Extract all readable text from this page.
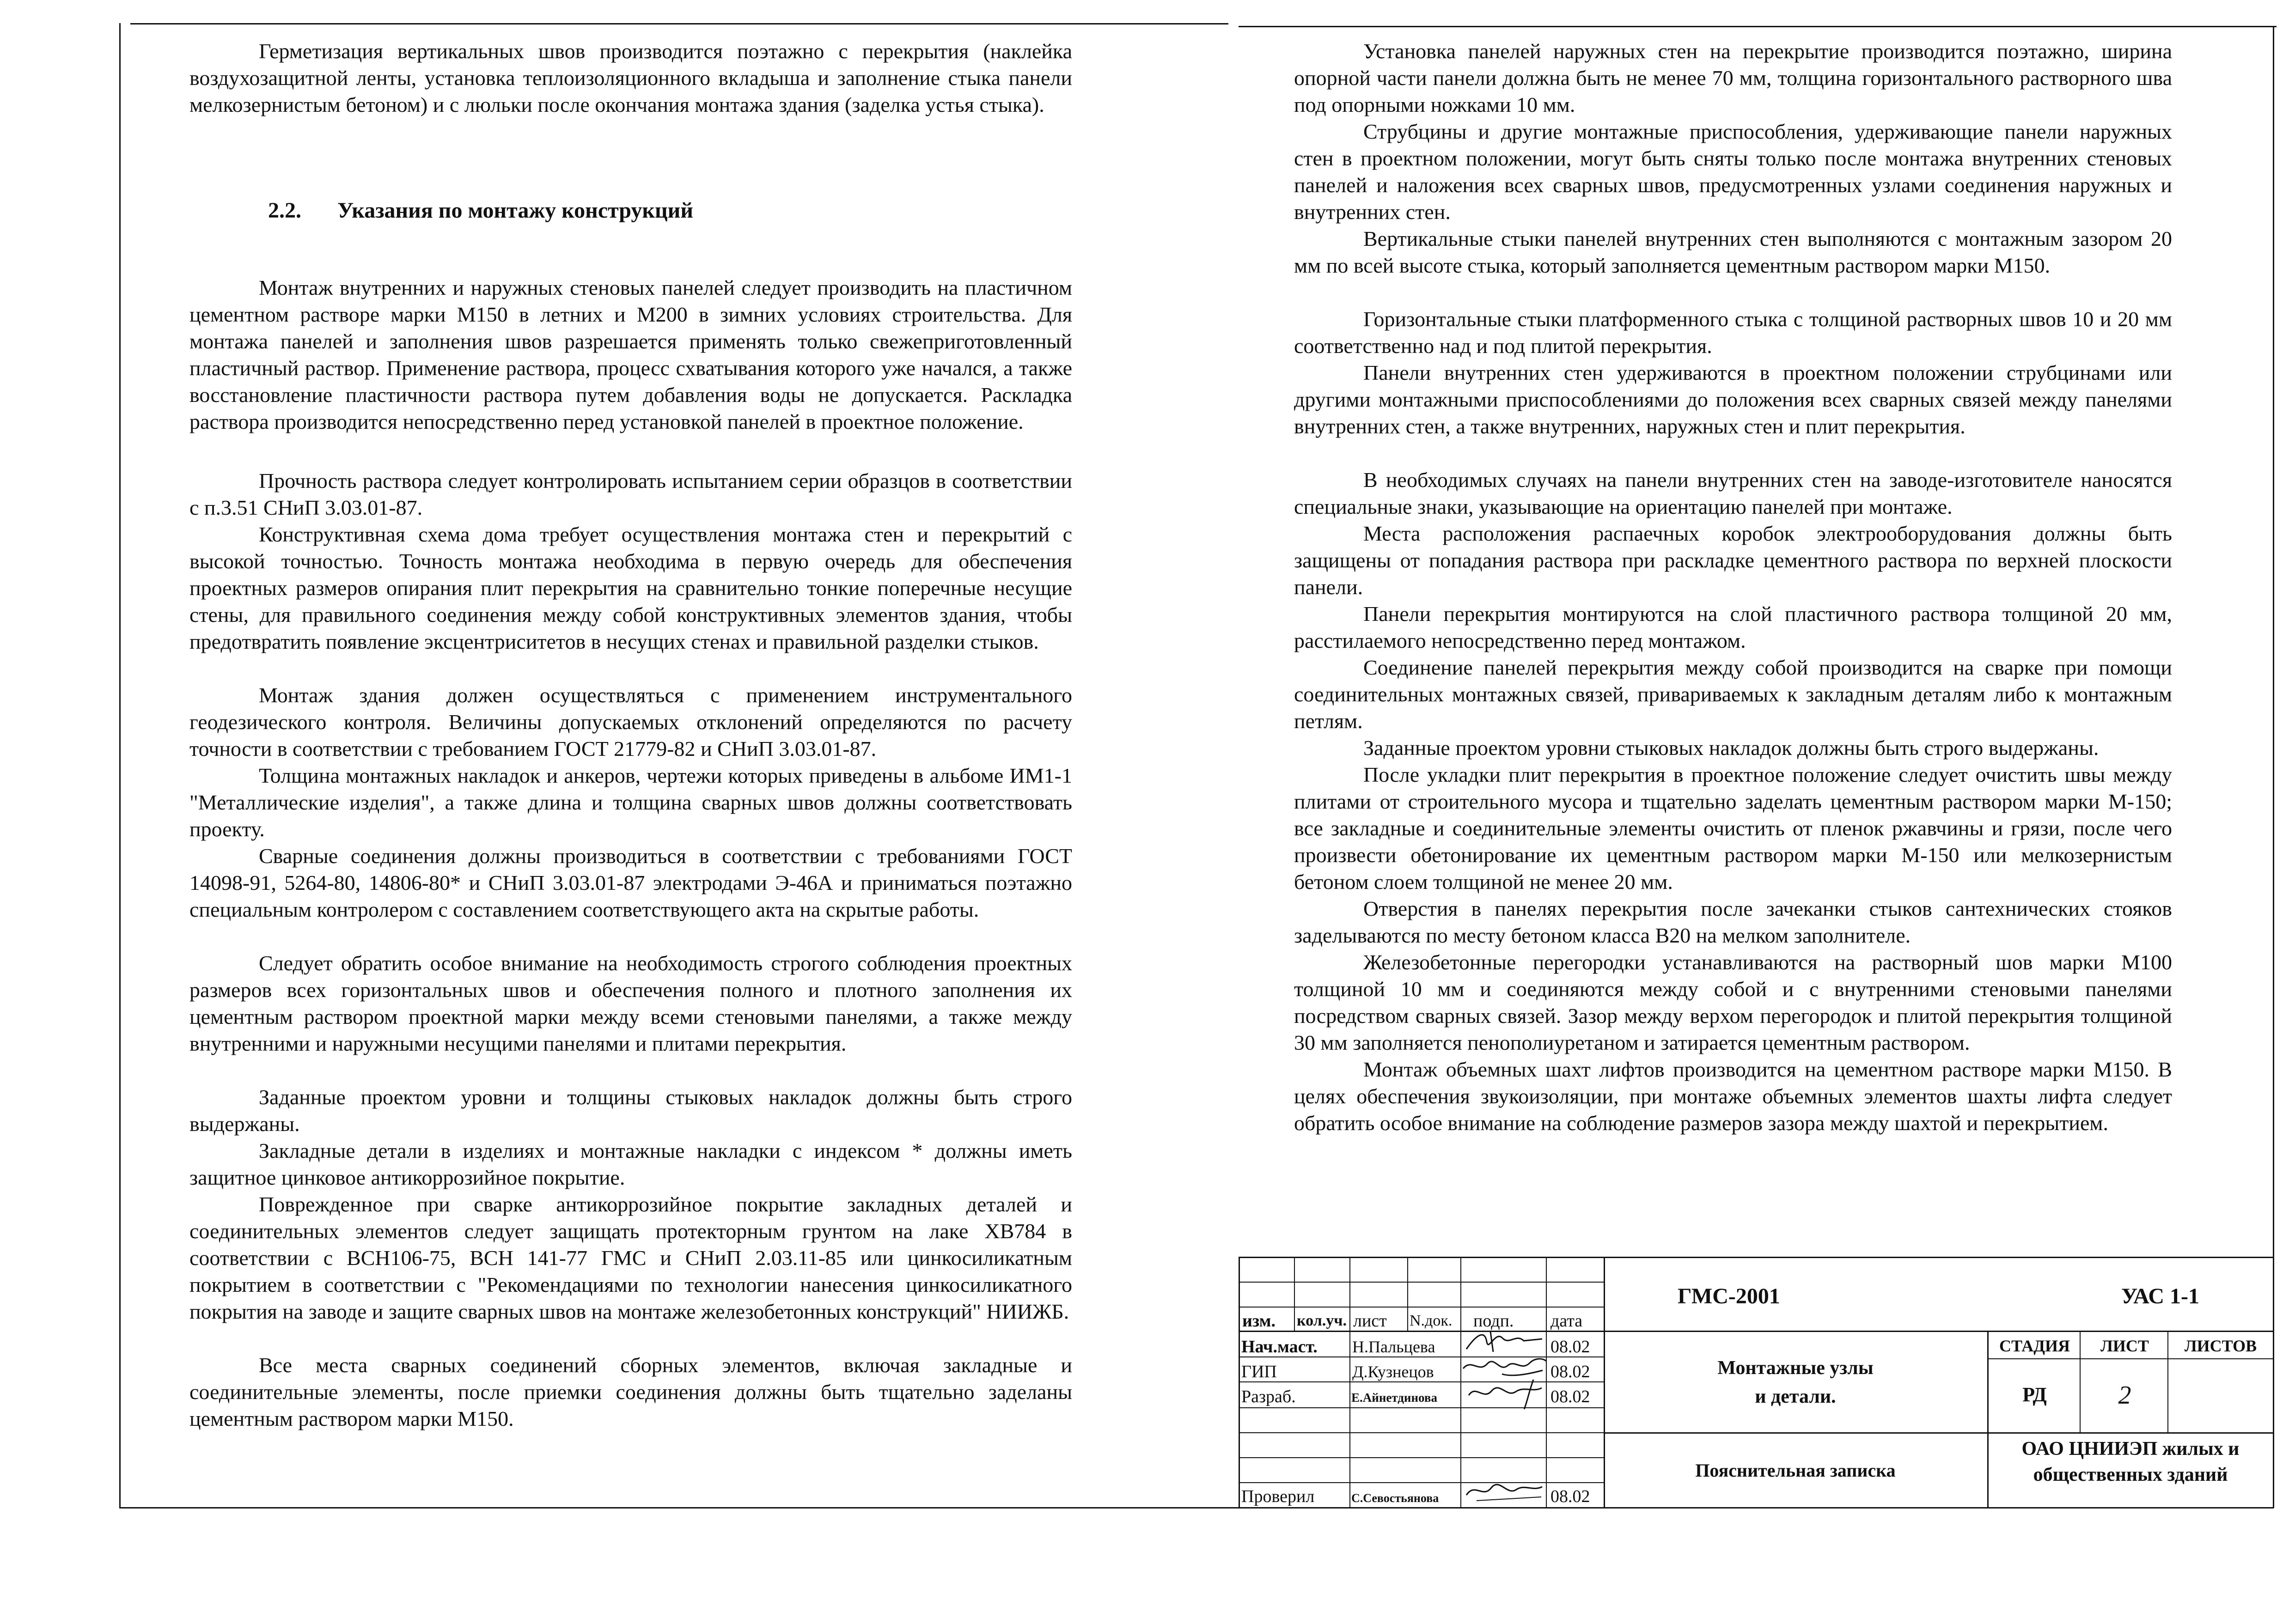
Герметизация вертикальных швов производится поэтажно с перекрытия (наклейка воздухозащитной ленты, установка теплоизоляционного вкладыша и заполнение стыка панели мелкозернистым бетоном) и с люльки после окончания монтажа здания (заделка устья стыка).

2.2. Указания по монтажу конструкций

Монтаж внутренних и наружных стеновых панелей следует производить на пластичном цементном растворе марки М150 в летних и М200 в зимних условиях строительства. Для монтажа панелей и заполнения швов разрешается применять только свежеприготовленный пластичный раствор. Применение раствора, процесс схватывания которого уже начался, а также восстановление пластичности раствора путем добавления воды не допускается. Раскладка раствора производится непосредственно перед установкой панелей в проектное положение.

Прочность раствора следует контролировать испытанием серии образцов в соответствии с п.3.51 СНиП 3.03.01-87.

Конструктивная схема дома требует осуществления монтажа стен и перекрытий с высокой точностью. Точность монтажа необходима в первую очередь для обеспечения проектных размеров опирания плит перекрытия на сравнительно тонкие поперечные несущие стены, для правильного соединения между собой конструктивных элементов здания, чтобы предотвратить появление эксцентриситетов в несущих стенах и правильной разделки стыков.

Монтаж здания должен осуществляться с применением инструментального геодезического контроля. Величины допускаемых отклонений определяются по расчету точности в соответствии с требованием ГОСТ 21779-82 и СНиП 3.03.01-87.

Толщина монтажных накладок и анкеров, чертежи которых приведены в альбоме ИМ1-1 "Металлические изделия", а также длина и толщина сварных швов должны соответствовать проекту.

Сварные соединения должны производиться в соответствии с требованиями ГОСТ 14098-91, 5264-80, 14806-80* и СНиП 3.03.01-87 электродами Э-46А и приниматься поэтажно специальным контролером с составлением соответствующего акта на скрытые работы.

Следует обратить особое внимание на необходимость строгого соблюдения проектных размеров всех горизонтальных швов и обеспечения полного и плотного заполнения их цементным раствором проектной марки между всеми стеновыми панелями, а также между внутренними и наружными несущими панелями и плитами перекрытия.

Заданные проектом уровни и толщины стыковых накладок должны быть строго выдержаны.

Закладные детали в изделиях и монтажные накладки с индексом * должны иметь защитное цинковое антикоррозийное покрытие.

Поврежденное при сварке антикоррозийное покрытие закладных деталей и соединительных элементов следует защищать протекторным грунтом на лаке ХВ784 в соответствии с ВСН106-75, ВСН 141-77 ГМС и СНиП 2.03.11-85 или цинкосиликатным покрытием в соответствии с "Рекомендациями по технологии нанесения цинкосиликатного покрытия на заводе и защите сварных швов на монтаже железобетонных конструкций" НИИЖБ.

Все места сварных соединений сборных элементов, включая закладные и соединительные элементы, после приемки соединения должны быть тщательно заделаны цементным раствором марки М150.

Установка панелей наружных стен на перекрытие производится поэтажно, ширина опорной части панели должна быть не менее 70 мм, толщина горизонтального растворного шва под опорными ножками 10 мм.

Струбцины и другие монтажные приспособления, удерживающие панели наружных стен в проектном положении, могут быть сняты только после монтажа внутренних стеновых панелей и наложения всех сварных швов, предусмотренных узлами соединения наружных и внутренних стен.

Вертикальные стыки панелей внутренних стен выполняются с монтажным зазором 20 мм по всей высоте стыка, который заполняется цементным раствором марки М150.

Горизонтальные стыки платформенного стыка с толщиной растворных швов 10 и 20 мм соответственно над и под плитой перекрытия.

Панели внутренних стен удерживаются в проектном положении струбцинами или другими монтажными приспособлениями до положения всех сварных связей между панелями внутренних стен, а также внутренних, наружных стен и плит перекрытия.

В необходимых случаях на панели внутренних стен на заводе-изготовителе наносятся специальные знаки, указывающие на ориентацию панелей при монтаже.

Места расположения распаечных коробок электрооборудования должны быть защищены от попадания раствора при раскладке цементного раствора по верхней плоскости панели.

Панели перекрытия монтируются на слой пластичного раствора толщиной 20 мм, расстилаемого непосредственно перед монтажом.

Соединение панелей перекрытия между собой производится на сварке при помощи соединительных монтажных связей, привариваемых к закладным деталям либо к монтажным петлям.

Заданные проектом уровни стыковых накладок должны быть строго выдержаны.

После укладки плит перекрытия в проектное положение следует очистить швы между плитами от строительного мусора и тщательно заделать цементным раствором марки М-150; все закладные и соединительные элементы очистить от пленок ржавчины и грязи, после чего произвести обетонирование их цементным раствором марки М-150 или мелкозернистым бетоном слоем толщиной не менее 20 мм.

Отверстия в панелях перекрытия после зачеканки стыков сантехнических стояков заделываются по месту бетоном класса В20 на мелком заполнителе.

Железобетонные перегородки устанавливаются на растворный шов марки М100 толщиной 10 мм и соединяются между собой и с внутренними стеновыми панелями посредством сварных связей. Зазор между верхом перегородок и плитой перекрытия толщиной 30 мм заполняется пенополиуретаном и затирается цементным раствором.

Монтаж объемных шахт лифтов производится на цементном растворе марки М150. В целях обеспечения звукоизоляции, при монтаже объемных элементов шахты лифта следует обратить особое внимание на соблюдение размеров зазора между шахтой и перекрытием.

изм. кол.уч. лист N.док. подп. дата
Нач.маст. Н.Пальцева	08.02
ГИП	Д.Кузнецов	08.02
Разраб.	Е.Айнетдинова	08.02
Проверил	С.Севостьянова	08.02
ГМС-2001	УАС 1-1
Монтажные узлы
и детали.
СТАДИЯ	ЛИСТ	ЛИСТОВ
РД	2
Пояснительная записка
ОАО ЦНИИЭП жилых и
общественных зданий
